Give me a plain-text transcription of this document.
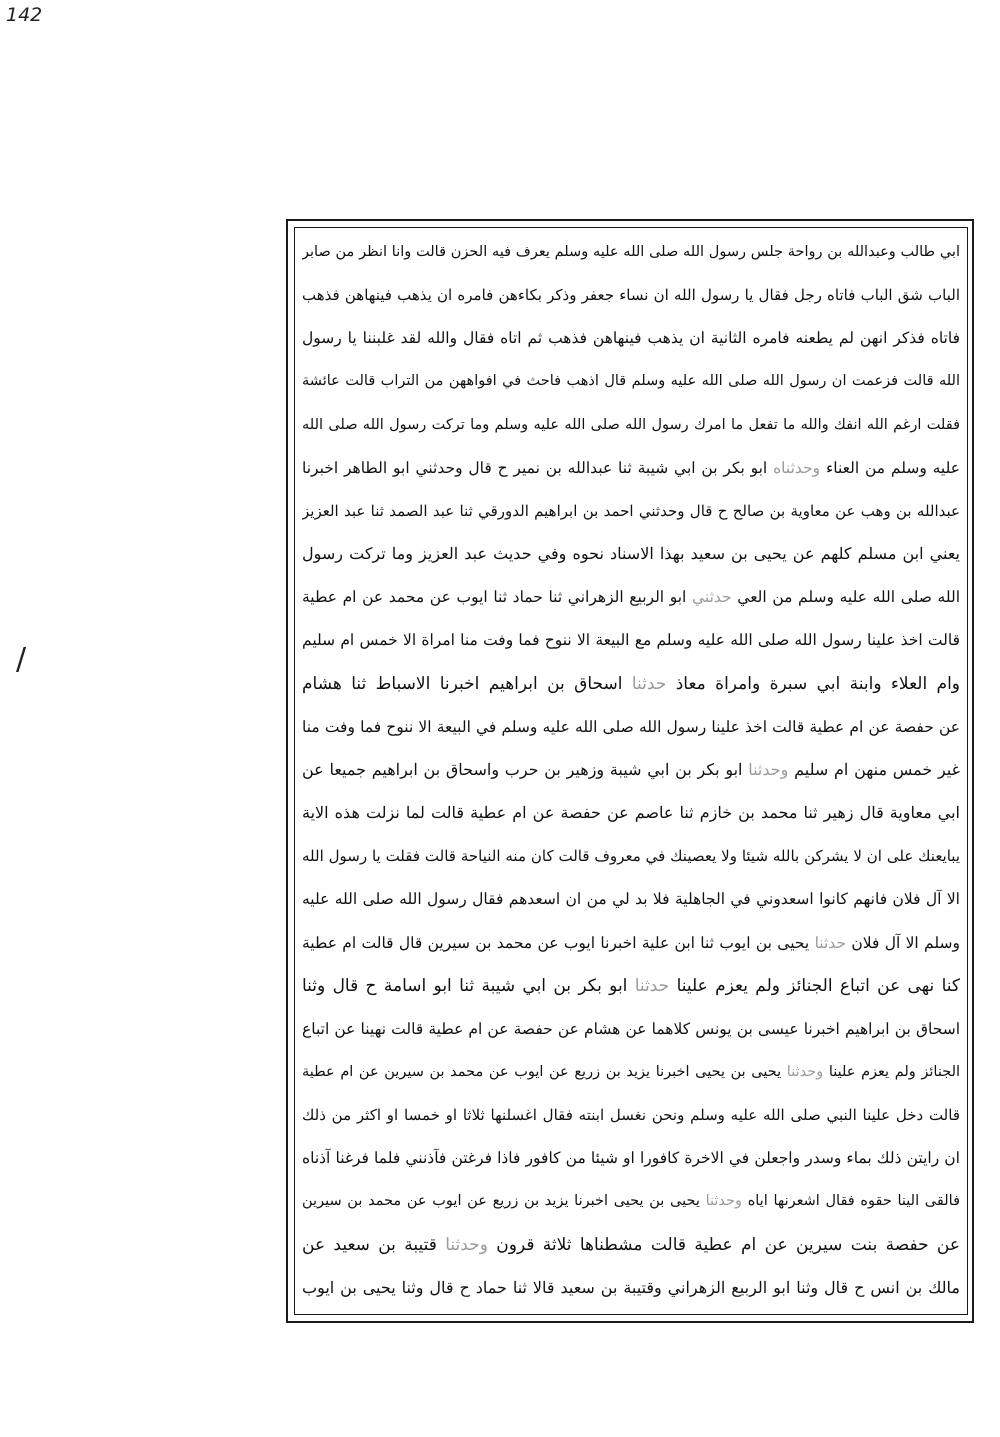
142
/
ابي طالب وعبدالله بن رواحة جلس رسول الله صلى الله عليه وسلم يعرف فيه الحزن قالت وانا انظر من صابر
الباب شق الباب فاتاه رجل فقال يا رسول الله ان نساء جعفر وذكر بكاءهن فامره ان يذهب فينهاهن فذهب
فاتاه فذكر انهن لم يطعنه فامره الثانية ان يذهب فينهاهن فذهب ثم اتاه فقال والله لقد غلبننا يا رسول
الله قالت فزعمت ان رسول الله صلى الله عليه وسلم قال اذهب فاحث في افواههن من التراب قالت عائشة
فقلت ارغم الله انفك والله ما تفعل ما امرك رسول الله صلى الله عليه وسلم وما تركت رسول الله صلى الله
عليه وسلم من العناء وحدثناه ابو بكر بن ابي شيبة ثنا عبدالله بن نمير ح قال وحدثني ابو الطاهر اخبرنا
عبدالله بن وهب عن معاوية بن صالح ح قال وحدثني احمد بن ابراهيم الدورقي ثنا عبد الصمد ثنا عبد العزيز
يعني ابن مسلم كلهم عن يحيى بن سعيد بهذا الاسناد نحوه وفي حديث عبد العزيز وما تركت رسول
الله صلى الله عليه وسلم من العي حدثني ابو الربيع الزهراني ثنا حماد ثنا ايوب عن محمد عن ام عطية
قالت اخذ علينا رسول الله صلى الله عليه وسلم مع البيعة الا ننوح فما وفت منا امراة الا خمس ام سليم
وام العلاء وابنة ابي سبرة وامراة معاذ حدثنا اسحاق بن ابراهيم اخبرنا الاسباط ثنا هشام
عن حفصة عن ام عطية قالت اخذ علينا رسول الله صلى الله عليه وسلم في البيعة الا ننوح فما وفت منا
غير خمس منهن ام سليم وحدثنا ابو بكر بن ابي شيبة وزهير بن حرب واسحاق بن ابراهيم جميعا عن
ابي معاوية قال زهير ثنا محمد بن خازم ثنا عاصم عن حفصة عن ام عطية قالت لما نزلت هذه الاية
يبايعنك على ان لا يشركن بالله شيئا ولا يعصينك في معروف قالت كان منه النياحة قالت فقلت يا رسول الله
الا آل فلان فانهم كانوا اسعدوني في الجاهلية فلا بد لي من ان اسعدهم فقال رسول الله صلى الله عليه
وسلم الا آل فلان حدثنا يحيى بن ايوب ثنا ابن علية اخبرنا ايوب عن محمد بن سيرين قال قالت ام عطية
كنا نهى عن اتباع الجنائز ولم يعزم علينا حدثنا ابو بكر بن ابي شيبة ثنا ابو اسامة ح قال وثنا
اسحاق بن ابراهيم اخبرنا عيسى بن يونس كلاهما عن هشام عن حفصة عن ام عطية قالت نهينا عن اتباع
الجنائز ولم يعزم علينا وحدثنا يحيى بن يحيى اخبرنا يزيد بن زريع عن ايوب عن محمد بن سيرين عن ام عطية
قالت دخل علينا النبي صلى الله عليه وسلم ونحن نغسل ابنته فقال اغسلنها ثلاثا او خمسا او اكثر من ذلك
ان رايتن ذلك بماء وسدر واجعلن في الاخرة كافورا او شيئا من كافور فاذا فرغتن فآذنني فلما فرغنا آذناه
فالقى الينا حقوه فقال اشعرنها اياه وحدثنا يحيى بن يحيى اخبرنا يزيد بن زريع عن ايوب عن محمد بن سيرين
عن حفصة بنت سيرين عن ام عطية قالت مشطناها ثلاثة قرون وحدثنا قتيبة بن سعيد عن
مالك بن انس ح قال وثنا ابو الربيع الزهراني وقتيبة بن سعيد قالا ثنا حماد ح قال وثنا يحيى بن ايوب
